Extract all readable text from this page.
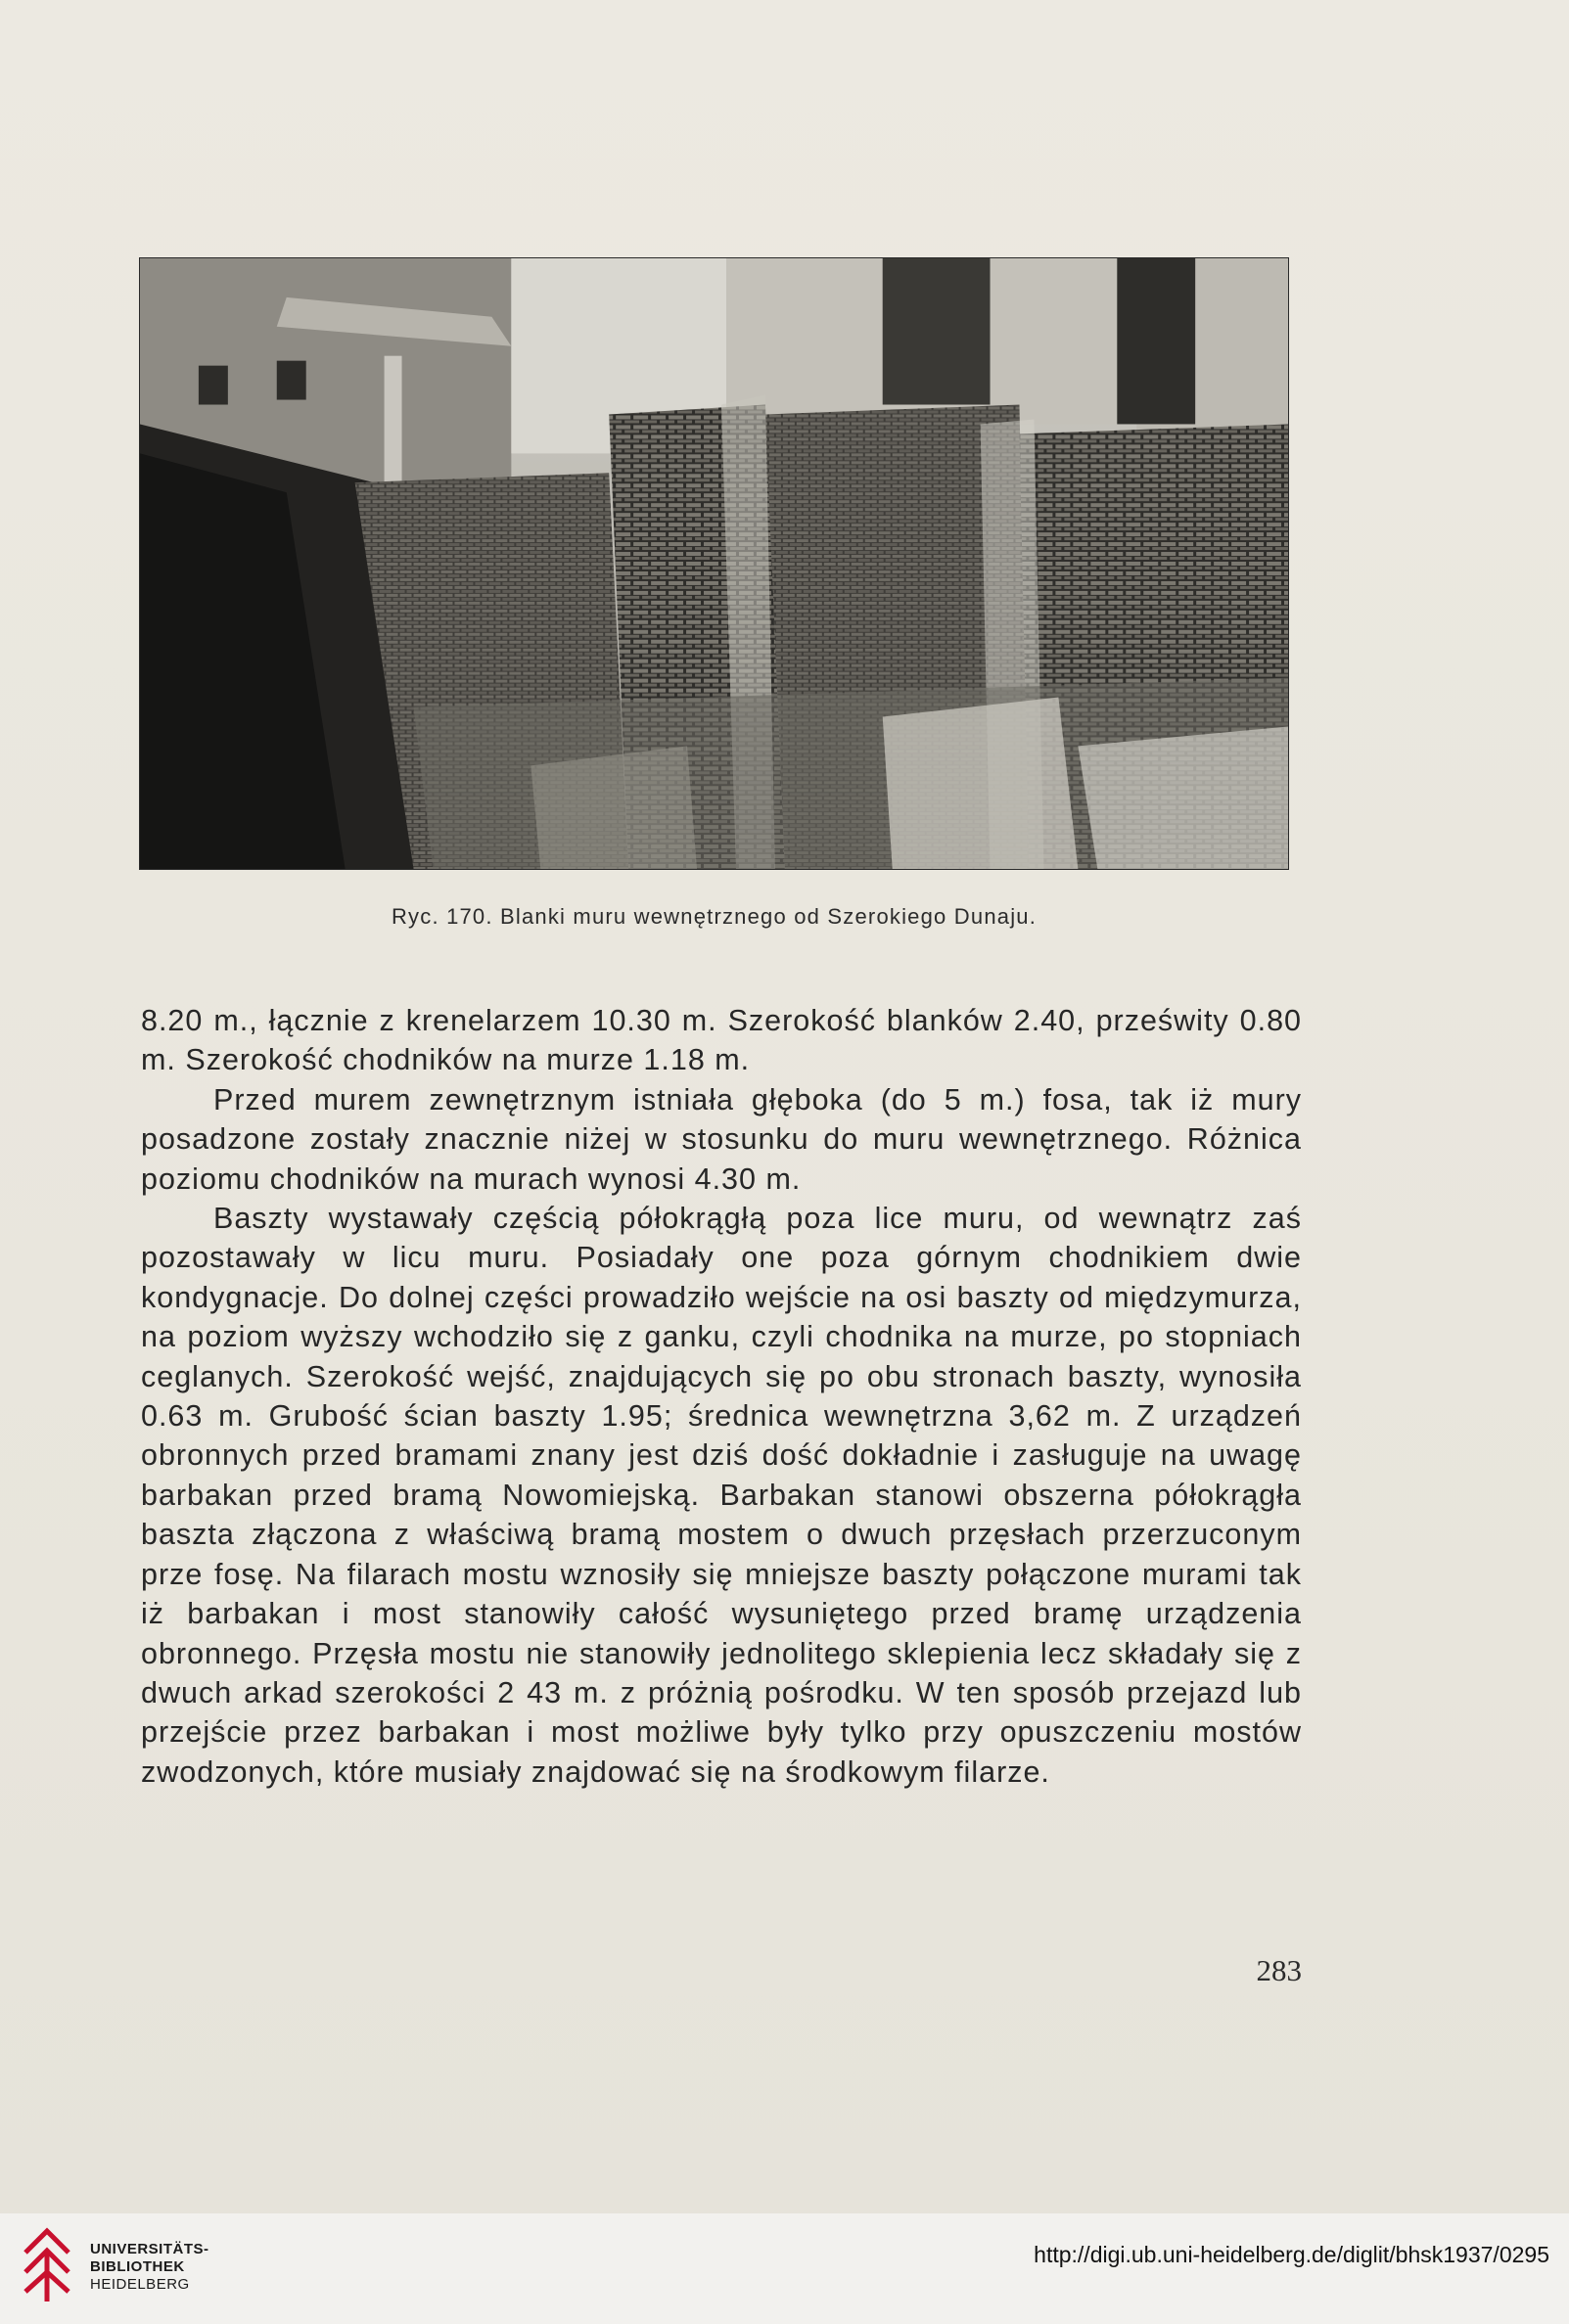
Ryc. 170. Blanki muru wewnętrznego od Szerokiego Dunaju.

8.20 m., łącznie z krenelarzem 10.30 m. Szerokość blanków 2.40, prześwity 0.80 m. Szerokość chodników na murze 1.18 m.

Przed murem zewnętrznym istniała głęboka (do 5 m.) fosa, tak iż mury posadzone zostały znacznie niżej w stosunku do muru wewnętrznego. Różnica poziomu chodników na murach wynosi 4.30 m.

Baszty wystawały częścią półokrągłą poza lice muru, od wewnątrz zaś pozostawały w licu muru. Posiadały one poza górnym chodnikiem dwie kondygnacje. Do dolnej części prowadziło wejście na osi baszty od międzymurza, na poziom wyższy wchodziło się z ganku, czyli chodnika na murze, po stopniach ceglanych. Szerokość wejść, znajdujących się po obu stronach baszty, wynosiła 0.63 m. Grubość ścian baszty 1.95; średnica wewnętrzna 3,62 m. Z urządzeń obronnych przed bramami znany jest dziś dość dokładnie i zasługuje na uwagę barbakan przed bramą Nowomiejską. Barbakan stanowi obszerna półokrągła baszta złączona z właściwą bramą mostem o dwuch przęsłach przerzuconym prze fosę. Na filarach mostu wznosiły się mniejsze baszty połączone murami tak iż barbakan i most stanowiły całość wysuniętego przed bramę urządzenia obronnego. Przęsła mostu nie stanowiły jednolitego sklepienia lecz składały się z dwuch arkad szerokości 2 43 m. z próżnią pośrodku. W ten sposób przejazd lub przejście przez barbakan i most możliwe były tylko przy opuszczeniu mostów zwodzonych, które musiały znajdować się na środkowym filarze.

283
UNIVERSITÄTS-
BIBLIOTHEK
HEIDELBERG
http://digi.ub.uni-heidelberg.de/diglit/bhsk1937/0295
